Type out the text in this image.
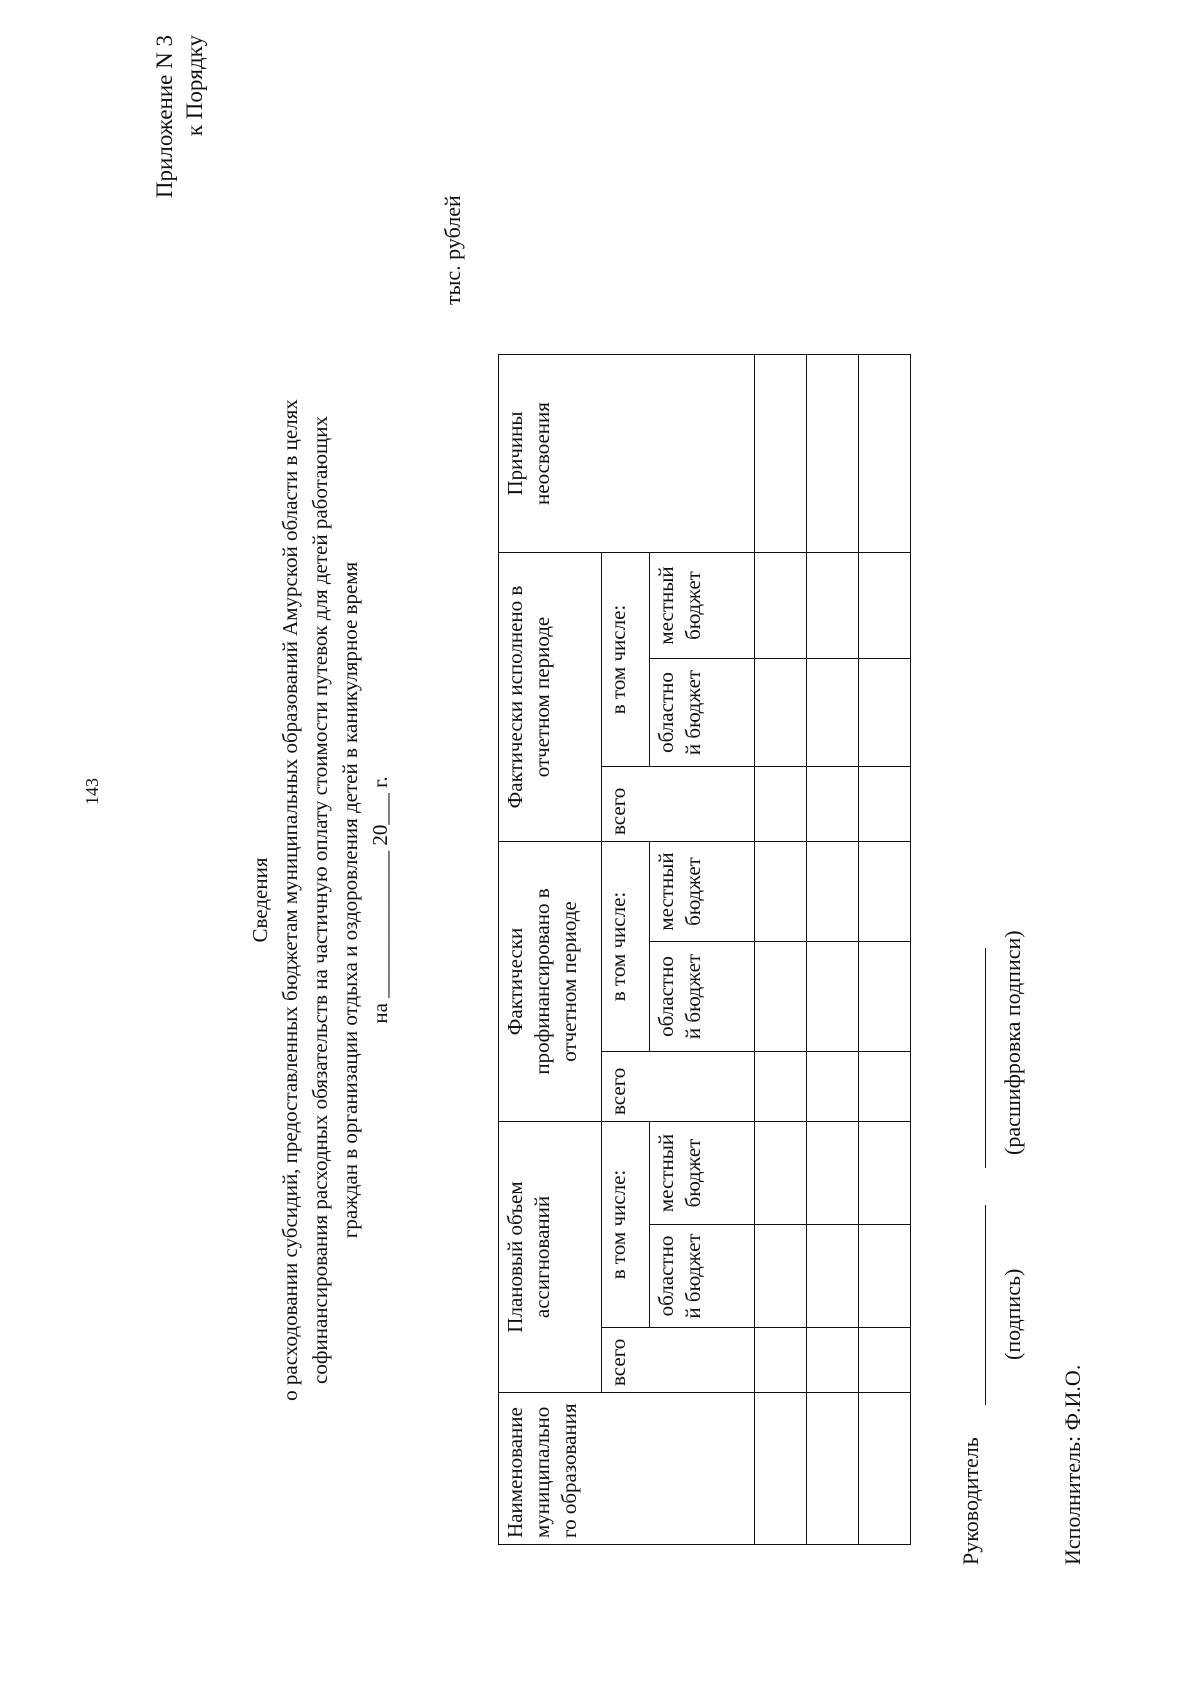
143
Приложение N 3 к Порядку
Сведения о расходовании субсидий, предоставленных бюджетам муниципальных образований Амурской области в целях софинансирования расходных обязательств на частичную оплату стоимости путевок для детей работающих граждан в организации отдыха и оздоровления детей в каникулярное время на ______________ 20___ г.
тыс. рублей
Наименование муниципально го образования	Плановый объем ассигнований			Фактически профинансировано в отчетном периоде			Фактически исполнено в отчетном периоде			Причины неосвоения
	всего	в том числе:		всего	в том числе:		всего	в том числе:		
		областно й бюджет	местный бюджет		областно й бюджет	местный бюджет		областно й бюджет	местный бюджет	

Руководитель
(подпись)
(расшифровка подписи)
Исполнитель: Ф.И.О.
